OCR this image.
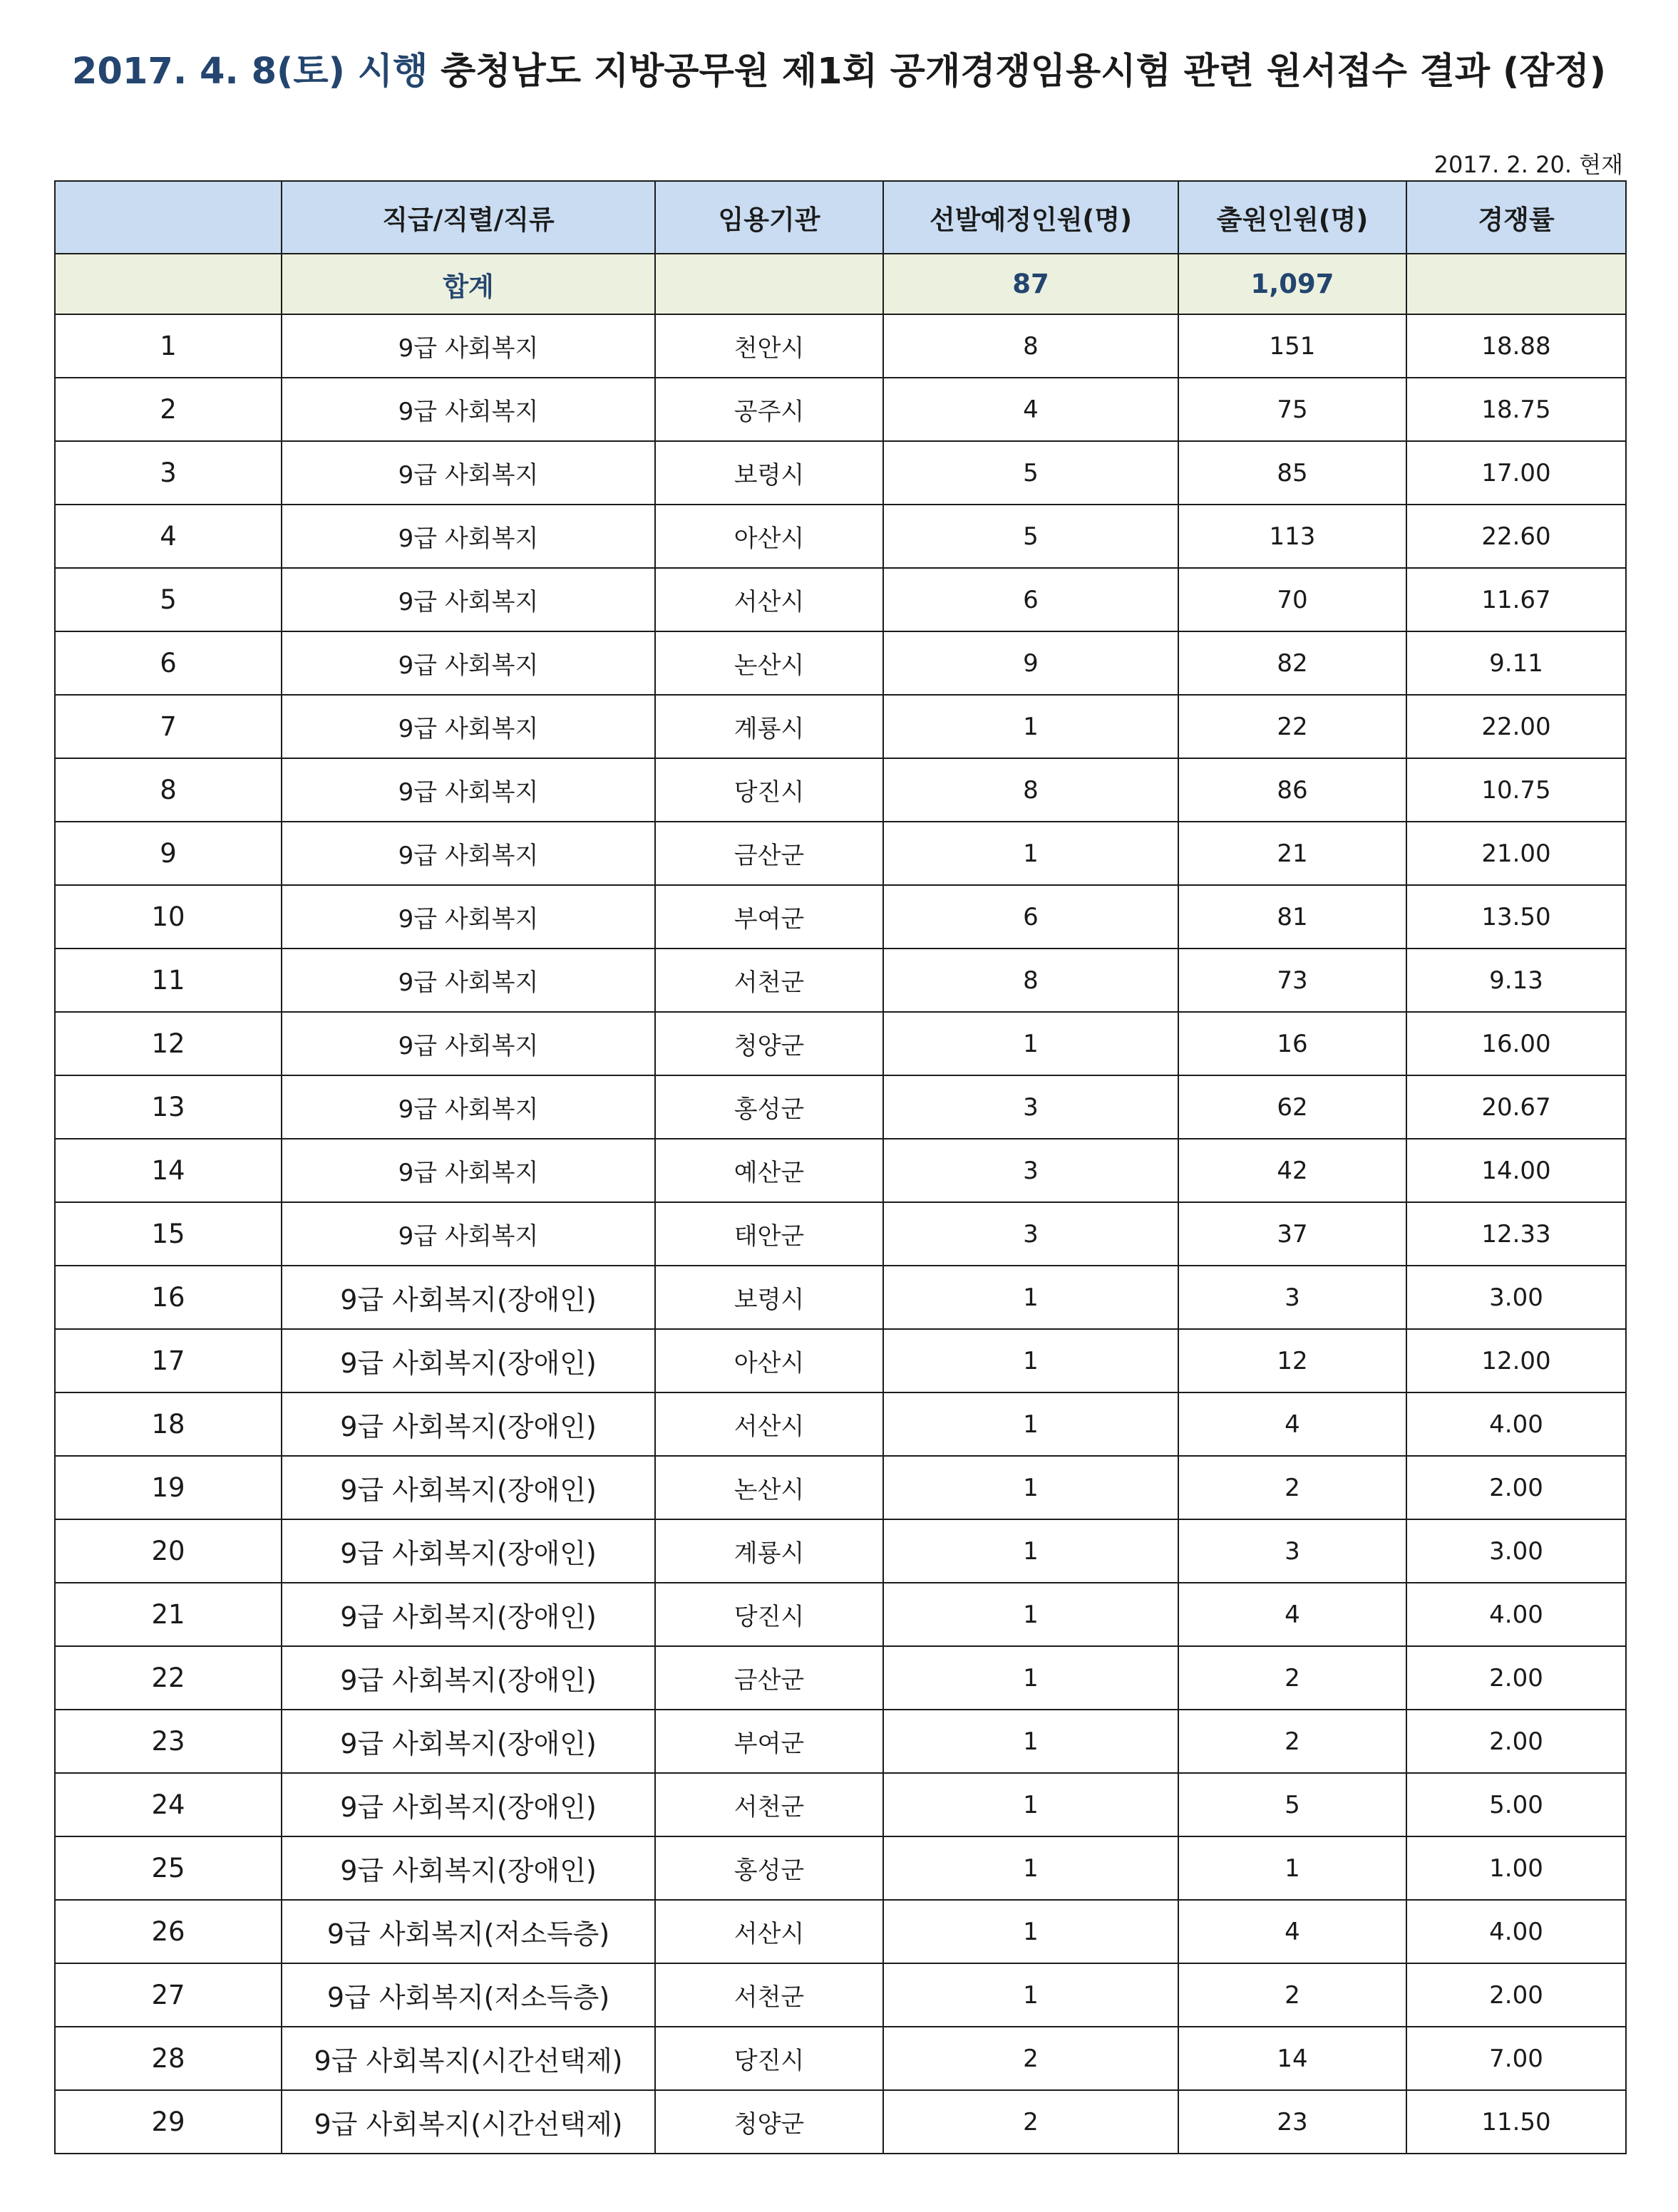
2017. 4. 8(토) 시행 충청남도 지방공무원 제1회 공개경쟁임용시험 관련 원서접수 결과 (잠정)
2017. 2. 20. 현재
	직급/직렬/직류	임용기관	선발예정인원(명)	출원인원(명)	경쟁률
	합계		87	1,097	
1	9급 사회복지	천안시	8	151	18.88
2	9급 사회복지	공주시	4	75	18.75
3	9급 사회복지	보령시	5	85	17.00
4	9급 사회복지	아산시	5	113	22.60
5	9급 사회복지	서산시	6	70	11.67
6	9급 사회복지	논산시	9	82	9.11
7	9급 사회복지	계룡시	1	22	22.00
8	9급 사회복지	당진시	8	86	10.75
9	9급 사회복지	금산군	1	21	21.00
10	9급 사회복지	부여군	6	81	13.50
11	9급 사회복지	서천군	8	73	9.13
12	9급 사회복지	청양군	1	16	16.00
13	9급 사회복지	홍성군	3	62	20.67
14	9급 사회복지	예산군	3	42	14.00
15	9급 사회복지	태안군	3	37	12.33
16	9급 사회복지(장애인)	보령시	1	3	3.00
17	9급 사회복지(장애인)	아산시	1	12	12.00
18	9급 사회복지(장애인)	서산시	1	4	4.00
19	9급 사회복지(장애인)	논산시	1	2	2.00
20	9급 사회복지(장애인)	계룡시	1	3	3.00
21	9급 사회복지(장애인)	당진시	1	4	4.00
22	9급 사회복지(장애인)	금산군	1	2	2.00
23	9급 사회복지(장애인)	부여군	1	2	2.00
24	9급 사회복지(장애인)	서천군	1	5	5.00
25	9급 사회복지(장애인)	홍성군	1	1	1.00
26	9급 사회복지(저소득층)	서산시	1	4	4.00
27	9급 사회복지(저소득층)	서천군	1	2	2.00
28	9급 사회복지(시간선택제)	당진시	2	14	7.00
29	9급 사회복지(시간선택제)	청양군	2	23	11.50
